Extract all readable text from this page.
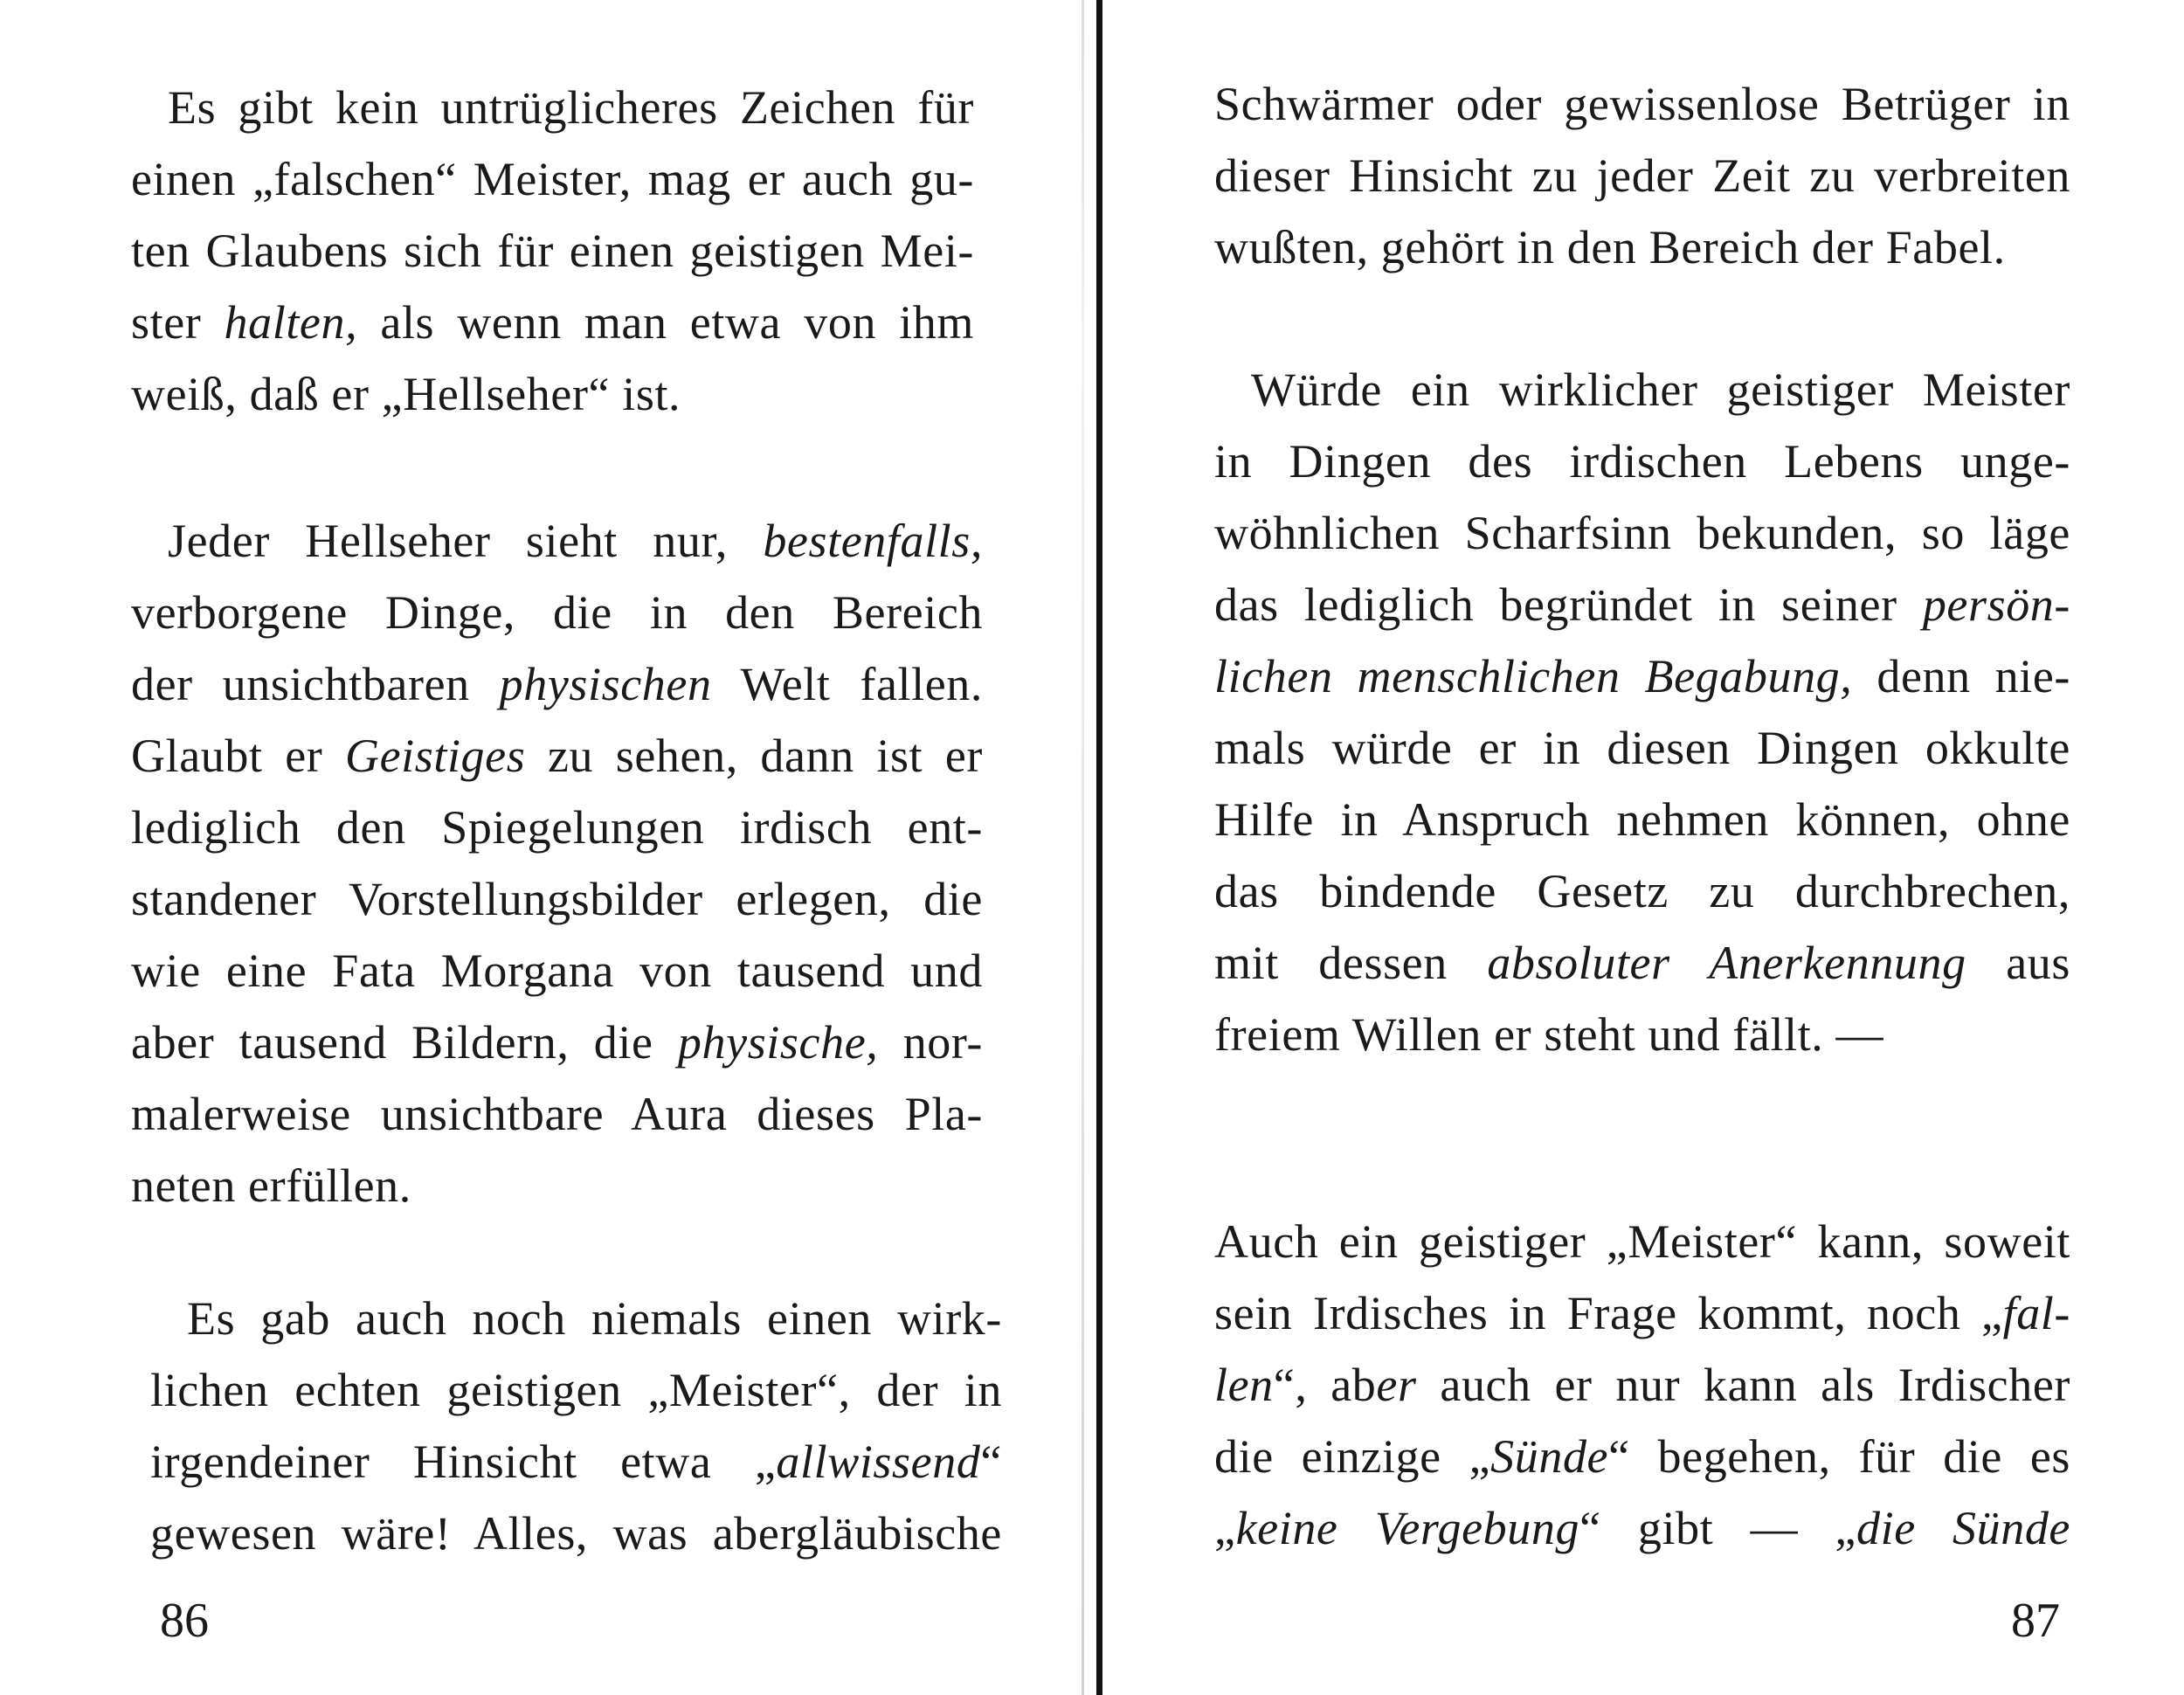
Es gibt kein untrüglicheres Zeichen für
einen „falschen“ Meister, mag er auch gu-
ten Glaubens sich für einen geistigen Mei-
ster halten, als wenn man etwa von ihm
weiß, daß er „Hellseher“ ist.

Jeder Hellseher sieht nur, bestenfalls,
verborgene Dinge, die in den Bereich
der unsichtbaren physischen Welt fallen.
Glaubt er Geistiges zu sehen, dann ist er
lediglich den Spiegelungen irdisch ent-
standener Vorstellungsbilder erlegen, die
wie eine Fata Morgana von tausend und
aber tausend Bildern, die physische, nor-
malerweise unsichtbare Aura dieses Pla-
neten erfüllen.

Es gab auch noch niemals einen wirk-
lichen echten geistigen „Meister“, der in
irgendeiner Hinsicht etwa „allwissend“
gewesen wäre! Alles, was abergläubische

86

Schwärmer oder gewissenlose Betrüger in
dieser Hinsicht zu jeder Zeit zu verbreiten
wußten, gehört in den Bereich der Fabel.

Würde ein wirklicher geistiger Meister
in Dingen des irdischen Lebens unge-
wöhnlichen Scharfsinn bekunden, so läge
das lediglich begründet in seiner persön-
lichen menschlichen Begabung, denn nie-
mals würde er in diesen Dingen okkulte
Hilfe in Anspruch nehmen können, ohne
das bindende Gesetz zu durchbrechen,
mit dessen absoluter Anerkennung aus
freiem Willen er steht und fällt. —

Auch ein geistiger „Meister“ kann, soweit
sein Irdisches in Frage kommt, noch „fal-
len“, aber auch er nur kann als Irdischer
die einzige „Sünde“ begehen, für die es
„keine Vergebung“ gibt — „die Sünde

87
